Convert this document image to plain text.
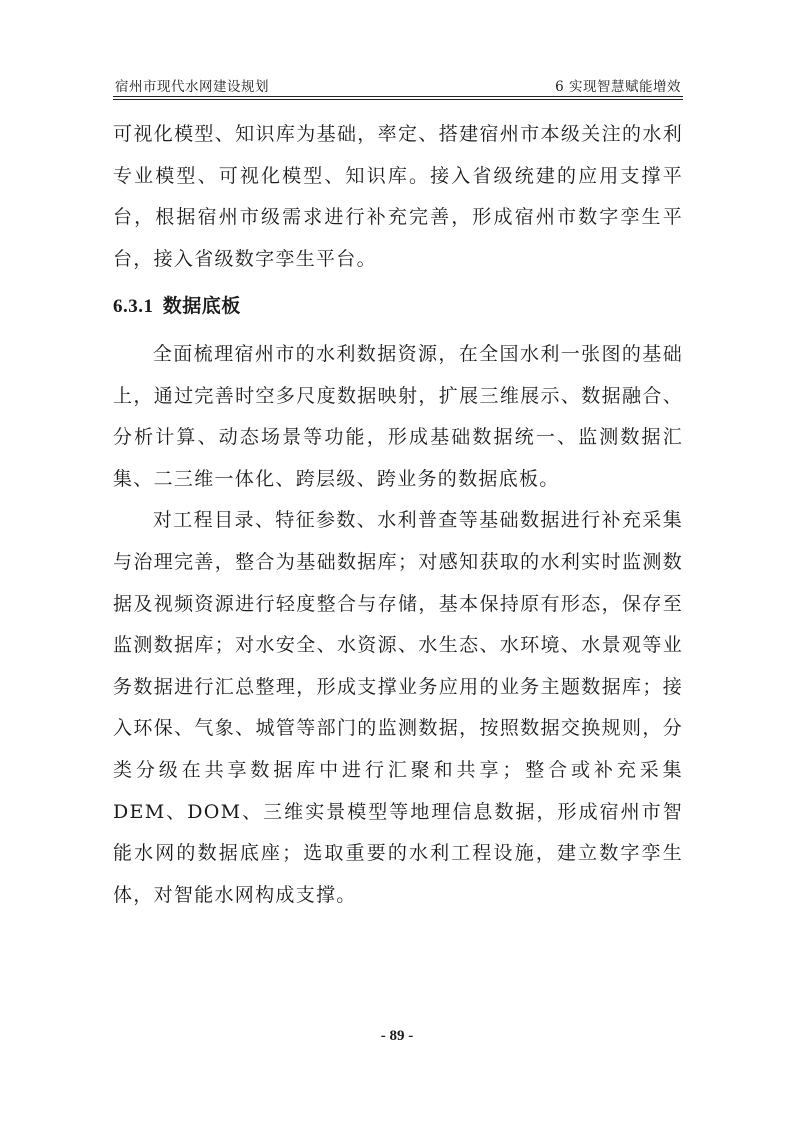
宿州市现代水网建设规划	6 实现智慧赋能增效

可视化模型、知识库为基础，率定、搭建宿州市本级关注的水利专业模型、可视化模型、知识库。接入省级统建的应用支撑平台，根据宿州市级需求进行补充完善，形成宿州市数字孪生平台，接入省级数字孪生平台。

6.3.1 数据底板

全面梳理宿州市的水利数据资源，在全国水利一张图的基础上，通过完善时空多尺度数据映射，扩展三维展示、数据融合、分析计算、动态场景等功能，形成基础数据统一、监测数据汇集、二三维一体化、跨层级、跨业务的数据底板。

对工程目录、特征参数、水利普查等基础数据进行补充采集与治理完善，整合为基础数据库；对感知获取的水利实时监测数据及视频资源进行轻度整合与存储，基本保持原有形态，保存至监测数据库；对水安全、水资源、水生态、水环境、水景观等业务数据进行汇总整理，形成支撑业务应用的业务主题数据库；接入环保、气象、城管等部门的监测数据，按照数据交换规则，分类分级在共享数据库中进行汇聚和共享；整合或补充采集 DEM、DOM、三维实景模型等地理信息数据，形成宿州市智能水网的数据底座；选取重要的水利工程设施，建立数字孪生体，对智能水网构成支撑。

- 89 -
